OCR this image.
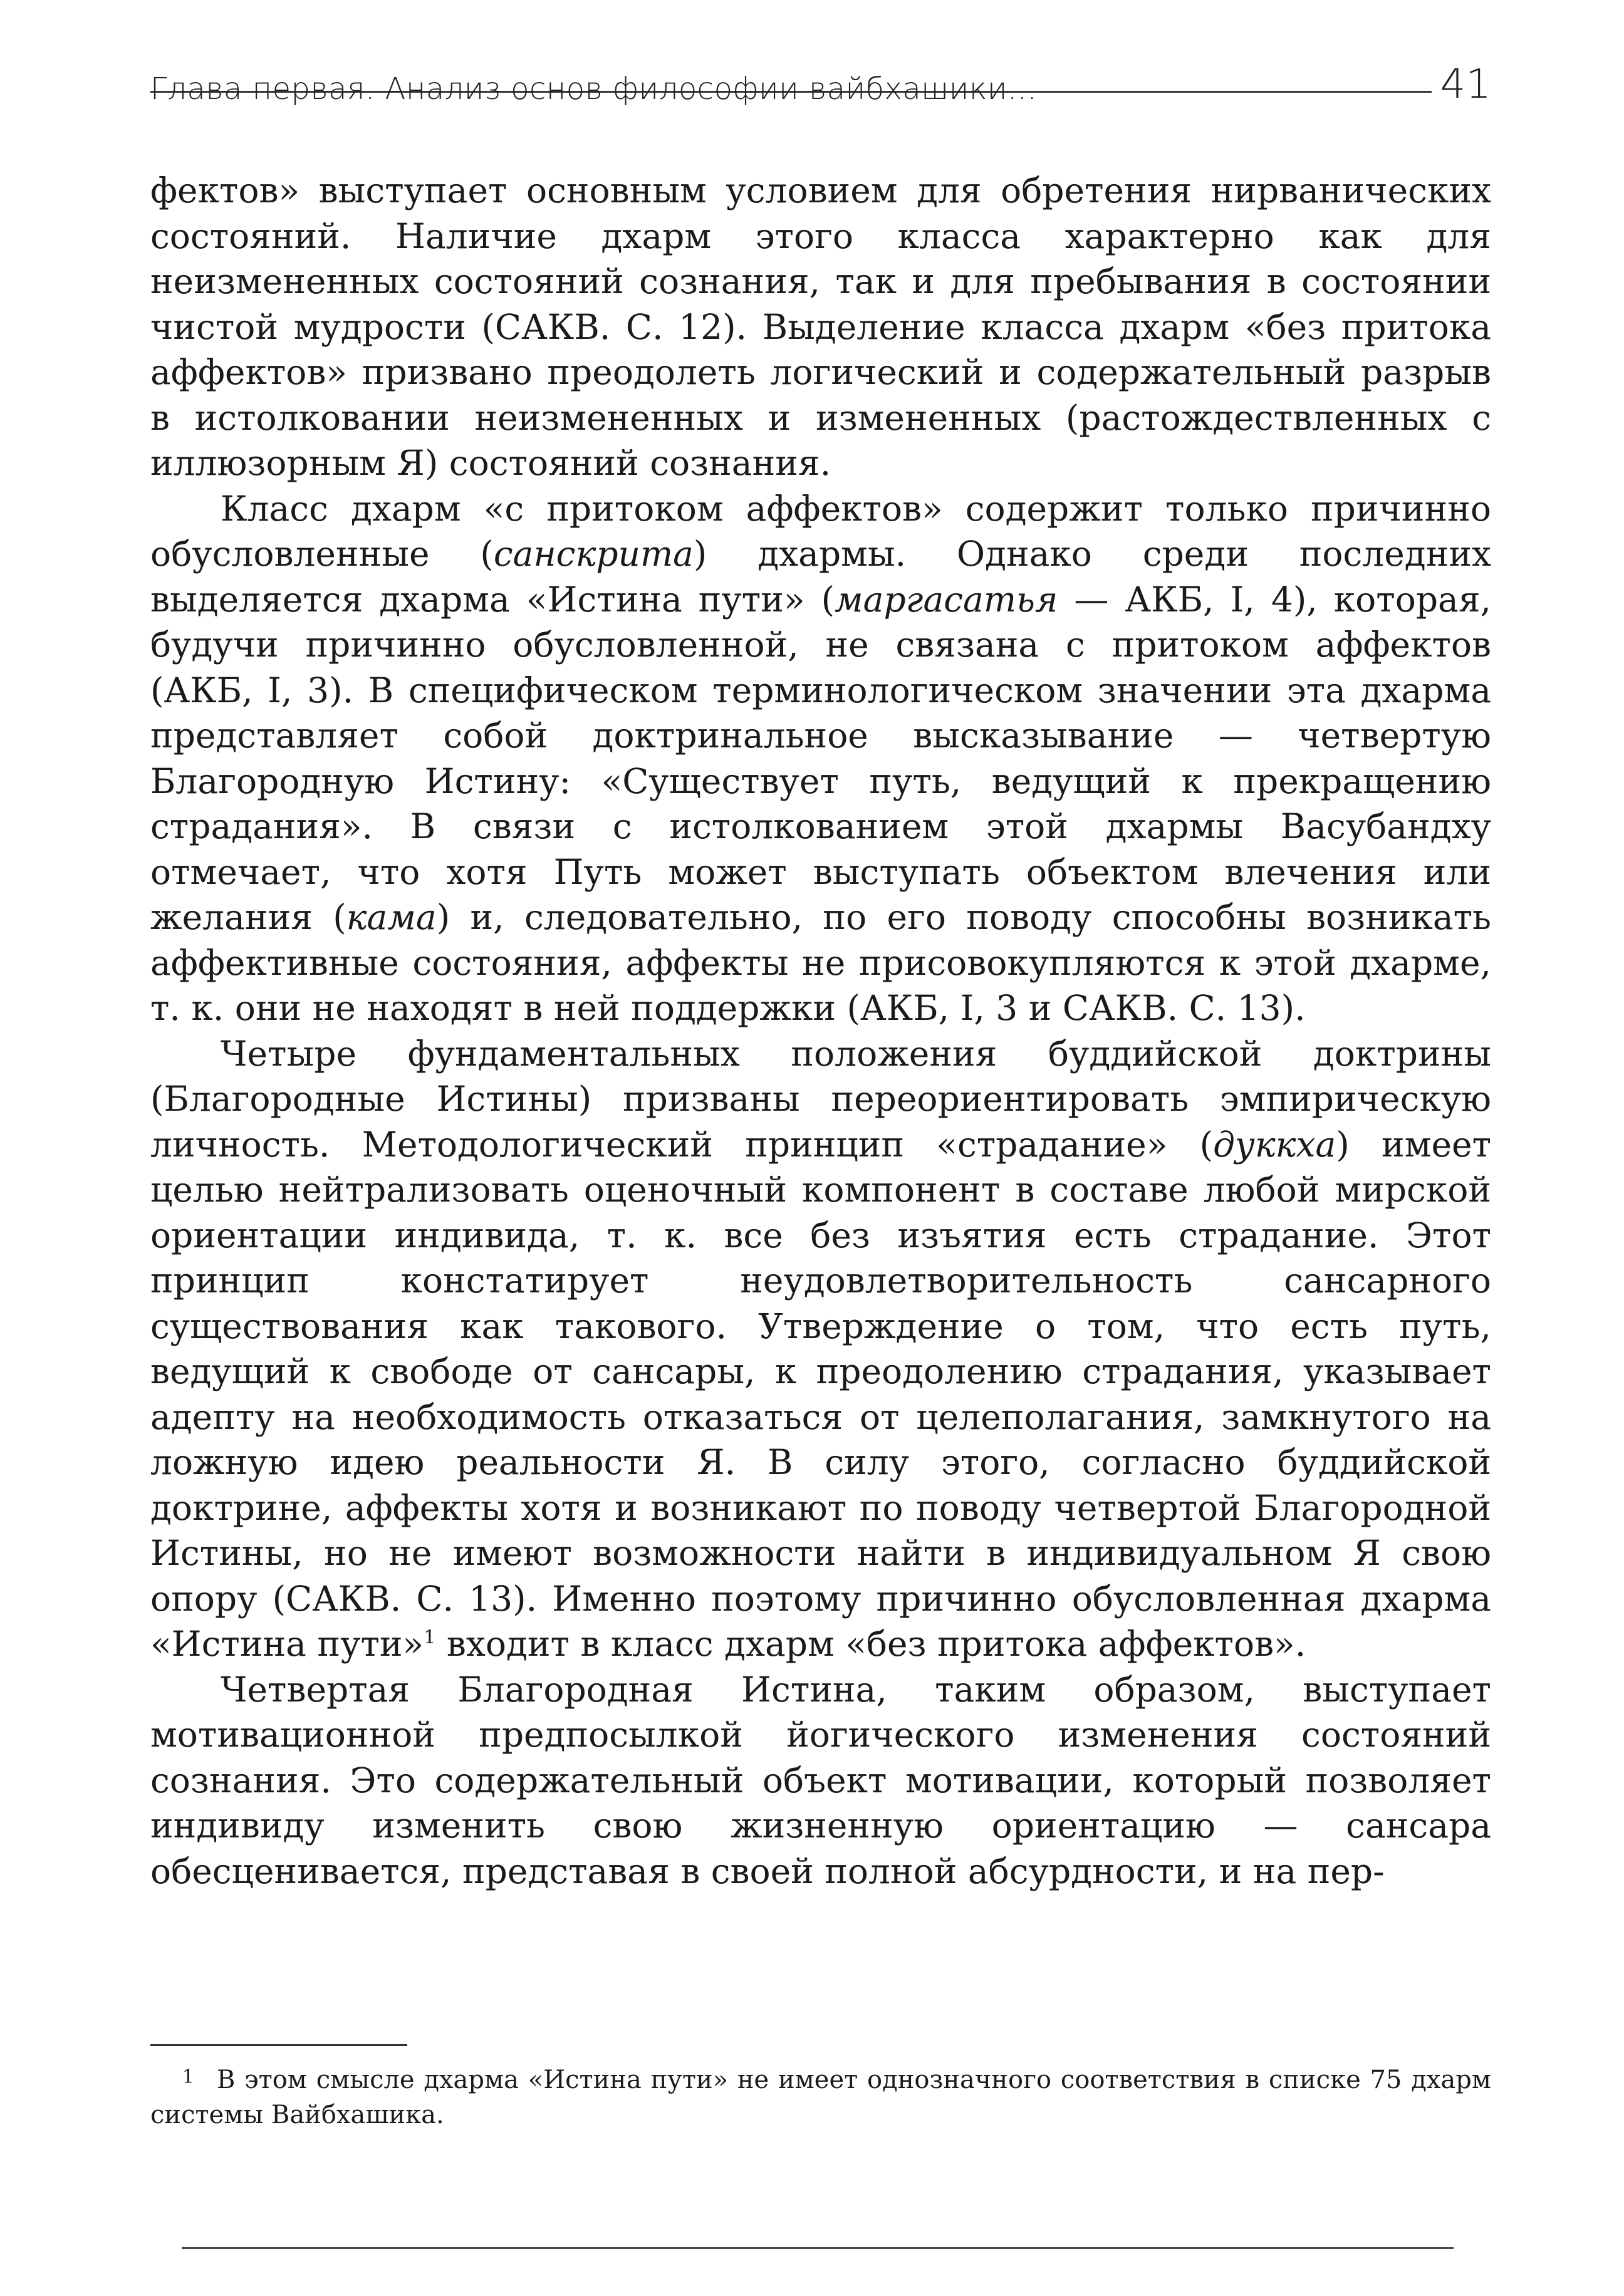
Глава первая. Анализ основ философии вайбхашики...	41

фектов» выступает основным условием для обретения нирванических состояний. Наличие дхарм этого класса характерно как для неизмененных состояний сознания, так и для пребывания в состоянии чистой мудрости (САКВ. С. 12). Выделение класса дхарм «без притока аффектов» призвано преодолеть логический и содержательный разрыв в истолковании неизмененных и измененных (растождествленных с иллюзорным Я) состояний сознания.

Класс дхарм «с притоком аффектов» содержит только причинно обусловленные (санскрита) дхармы. Однако среди последних выделяется дхарма «Истина пути» (маргасатья — АКБ, I, 4), которая, будучи причинно обусловленной, не связана с притоком аффектов (АКБ, I, 3). В специфическом терминологическом значении эта дхарма представляет собой доктринальное высказывание — четвертую Благородную Истину: «Существует путь, ведущий к прекращению страдания». В связи с истолкованием этой дхармы Васубандху отмечает, что хотя Путь может выступать объектом влечения или желания (кама) и, следовательно, по его поводу способны возникать аффективные состояния, аффекты не присовокупляются к этой дхарме, т. к. они не находят в ней поддержки (АКБ, I, 3 и САКВ. С. 13).

Четыре фундаментальных положения буддийской доктрины (Благородные Истины) призваны переориентировать эмпирическую личность. Методологический принцип «страдание» (дуккха) имеет целью нейтрализовать оценочный компонент в составе любой мирской ориентации индивида, т. к. все без изъятия есть страдание. Этот принцип констатирует неудовлетворительность сансарного существования как такового. Утверждение о том, что есть путь, ведущий к свободе от сансары, к преодолению страдания, указывает адепту на необходимость отказаться от целеполагания, замкнутого на ложную идею реальности Я. В силу этого, согласно буддийской доктрине, аффекты хотя и возникают по поводу четвертой Благородной Истины, но не имеют возможности найти в индивидуальном Я свою опору (САКВ. С. 13). Именно поэтому причинно обусловленная дхарма «Истина пути»$^1$ входит в класс дхарм «без притока аффектов».

Четвертая Благородная Истина, таким образом, выступает мотивационной предпосылкой йогического изменения состояний сознания. Это содержательный объект мотивации, который позволяет индивиду изменить свою жизненную ориентацию — сансара обесценивается, представая в своей полной абсурдности, и на пер-

1 В этом смысле дхарма «Истина пути» не имеет однозначного соответствия в списке 75 дхарм системы Вайбхашика.
